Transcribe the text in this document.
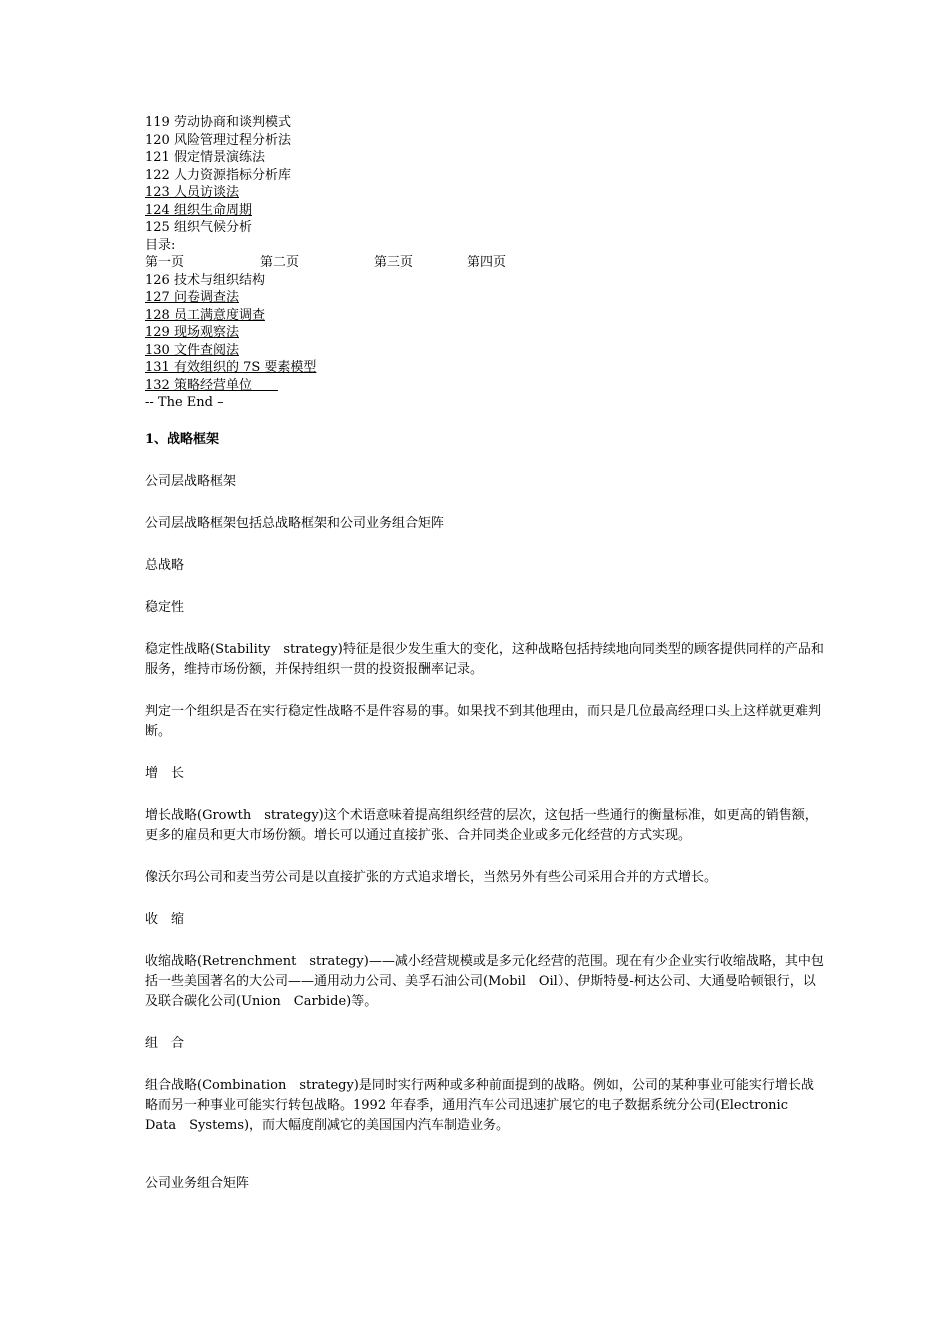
119 劳动协商和谈判模式
120 风险管理过程分析法
121 假定情景演练法
122 人力资源指标分析库
123 人员访谈法
124 组织生命周期
125 组织气候分析
目录:
第一页	第二页	第三页	第四页
126 技术与组织结构
127 问卷调查法
128 员工满意度调查
129 现场观察法
130 文件查阅法
131 有效组织的 7S 要素模型
132 策略经营单位　　
-- The End –
1、战略框架
公司层战略框架
公司层战略框架包括总战略框架和公司业务组合矩阵
总战略
稳定性
稳定性战略(Stability　strategy)特征是很少发生重大的变化，这种战略包括持续地向同类型的顾客提供同样的产品和服务，维持市场份额，并保持组织一贯的投资报酬率记录。
判定一个组织是否在实行稳定性战略不是件容易的事。如果找不到其他理由，而只是几位最高经理口头上这样就更难判断。
增　长
增长战略(Growth　strategy)这个术语意味着提高组织经营的层次，这包括一些通行的衡量标准，如更高的销售额，更多的雇员和更大市场份额。增长可以通过直接扩张、合并同类企业或多元化经营的方式实现。
像沃尔玛公司和麦当劳公司是以直接扩张的方式追求增长，当然另外有些公司采用合并的方式增长。
收　缩
收缩战略(Retrenchment　strategy)——减小经营规模或是多元化经营的范围。现在有少企业实行收缩战略，其中包括一些美国著名的大公司——通用动力公司、美孚石油公司(Mobil　Oil）、伊斯特曼-柯达公司、大通曼哈顿银行，以及联合碳化公司(Union　Carbide)等。
组　合
组合战略(Combination　strategy)是同时实行两种或多种前面提到的战略。例如，公司的某种事业可能实行增长战略而另一种事业可能实行转包战略。1992 年春季，通用汽车公司迅速扩展它的电子数据系统分公司(Electronic　Data　Systems)，而大幅度削减它的美国国内汽车制造业务。
公司业务组合矩阵
